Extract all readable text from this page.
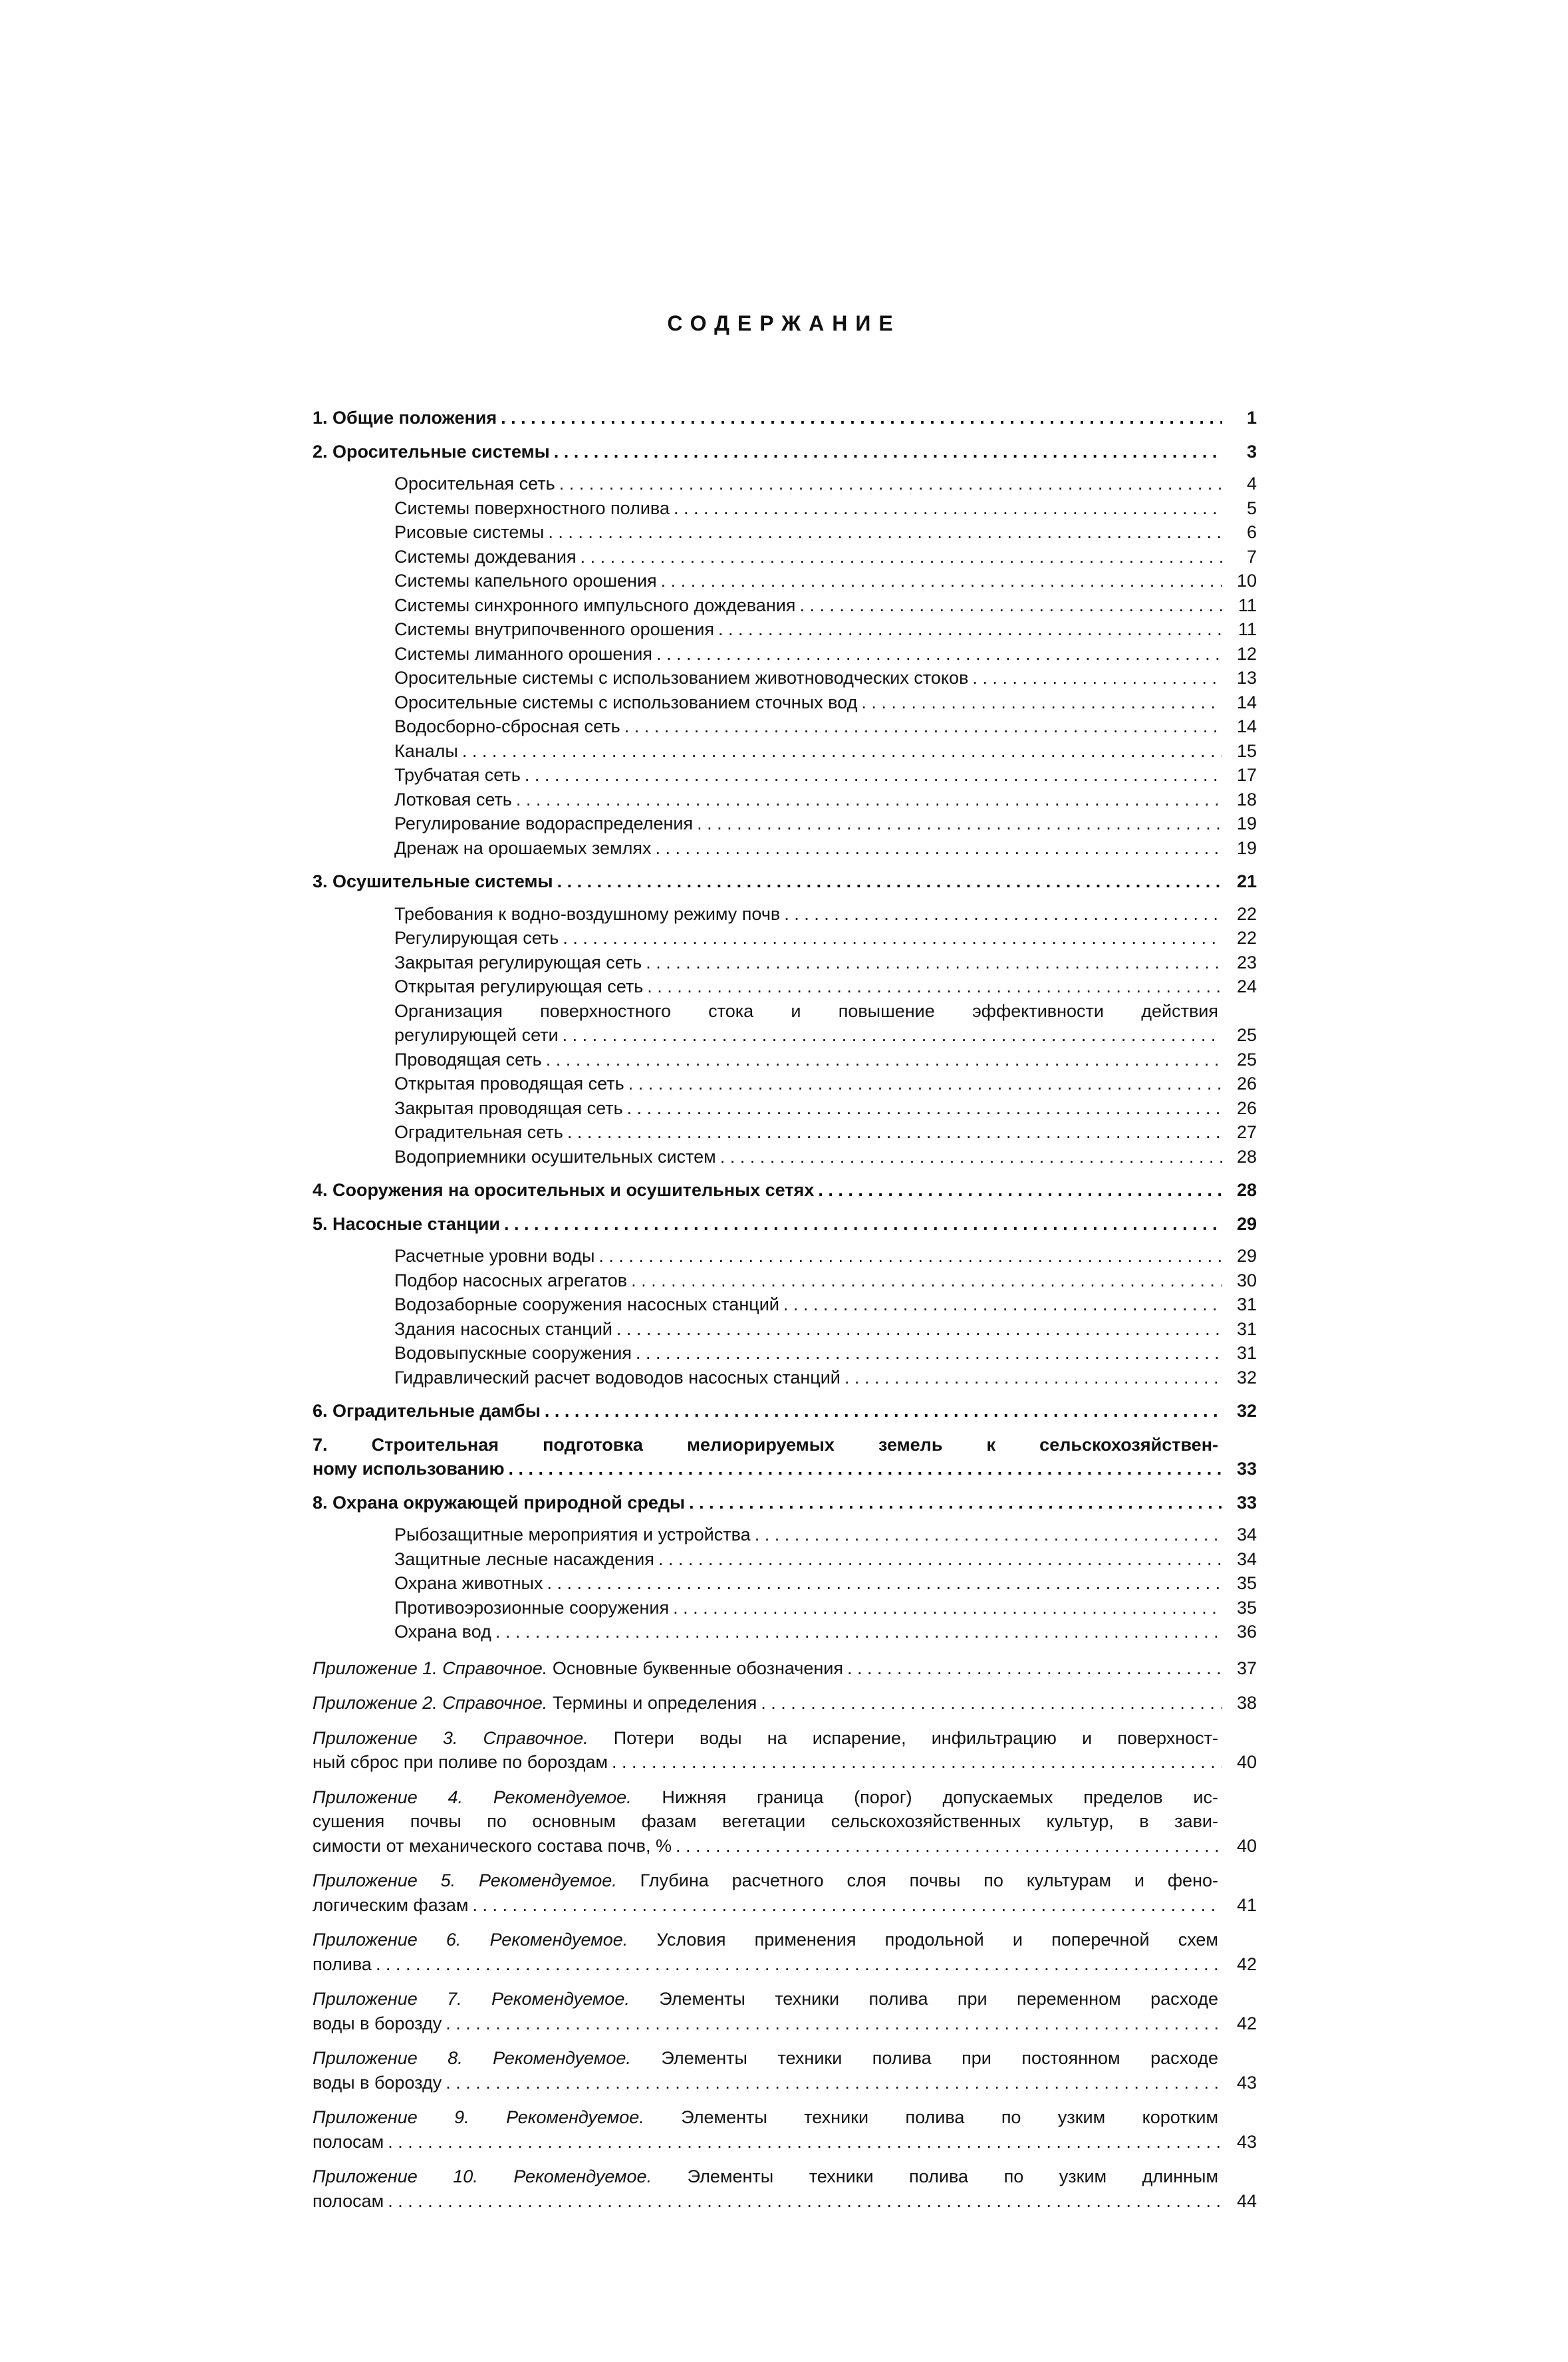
СОДЕРЖАНИЕ
1. Общие положения . . .	1
2. Оросительные системы . . .	3
Оросительная сеть . . .	4
Системы поверхностного полива . . .	5
Рисовые системы . . .	6
Системы дождевания . . .	7
Системы капельного орошения . . .	10
Системы синхронного импульсного дождевания . . .	11
Системы внутрипочвенного орошения . . .	11
Системы лиманного орошения . . .	12
Оросительные системы с использованием животноводческих стоков . . .	13
Оросительные системы с использованием сточных вод . . .	14
Водосборно-сбросная сеть . . .	14
Каналы . . .	15
Трубчатая сеть . . .	17
Лотковая сеть . . .	18
Регулирование водораспределения . . .	19
Дренаж на орошаемых землях . . .	19
3. Осушительные системы . . .	21
Требования к водно-воздушному режиму почв . . .	22
Регулирующая сеть . . .	22
Закрытая регулирующая сеть . . .	23
Открытая регулирующая сеть . . .	24
Организация поверхностного стока и повышение эффективности действия
регулирующей сети . . .	25
Проводящая сеть . . .	25
Открытая проводящая сеть . . .	26
Закрытая проводящая сеть . . .	26
Оградительная сеть . . .	27
Водоприемники осушительных систем . . .	28
4. Сооружения на оросительных и осушительных сетях . . .	28
5. Насосные станции . . .	29
Расчетные уровни воды . . .	29
Подбор насосных агрегатов . . .	30
Водозаборные сооружения насосных станций . . .	31
Здания насосных станций . . .	31
Водовыпускные сооружения . . .	31
Гидравлический расчет водоводов насосных станций . . .	32
6. Оградительные дамбы . . .	32
7. Строительная подготовка мелиорируемых земель к сельскохозяйствен-
ному использованию . . .	33
8. Охрана окружающей природной среды . . .	33
Рыбозащитные мероприятия и устройства . . .	34
Защитные лесные насаждения . . .	34
Охрана животных . . .	35
Противоэрозионные сооружения . . .	35
Охрана вод . . .	36
Приложение 1. Справочное. Основные буквенные обозначения . . .	37
Приложение 2. Справочное. Термины и определения . . .	38
Приложение 3. Справочное. Потери воды на испарение, инфильтрацию и поверхност-
ный сброс при поливе по бороздам . . .	40
Приложение 4. Рекомендуемое. Нижняя граница (порог) допускаемых пределов ис-
сушения почвы по основным фазам вегетации сельскохозяйственных культур, в зави-
симости от механического состава почв, % . . .	40
Приложение 5. Рекомендуемое. Глубина расчетного слоя почвы по культурам и фено-
логическим фазам . . .	41
Приложение 6. Рекомендуемое. Условия применения продольной и поперечной схем
полива . . .	42
Приложение 7. Рекомендуемое. Элементы техники полива при переменном расходе
воды в борозду . . .	42
Приложение 8. Рекомендуемое. Элементы техники полива при постоянном расходе
воды в борозду . . .	43
Приложение 9. Рекомендуемое. Элементы техники полива по узким коротким
полосам . . .	43
Приложение 10. Рекомендуемое. Элементы техники полива по узким длинным
полосам . . .	44
